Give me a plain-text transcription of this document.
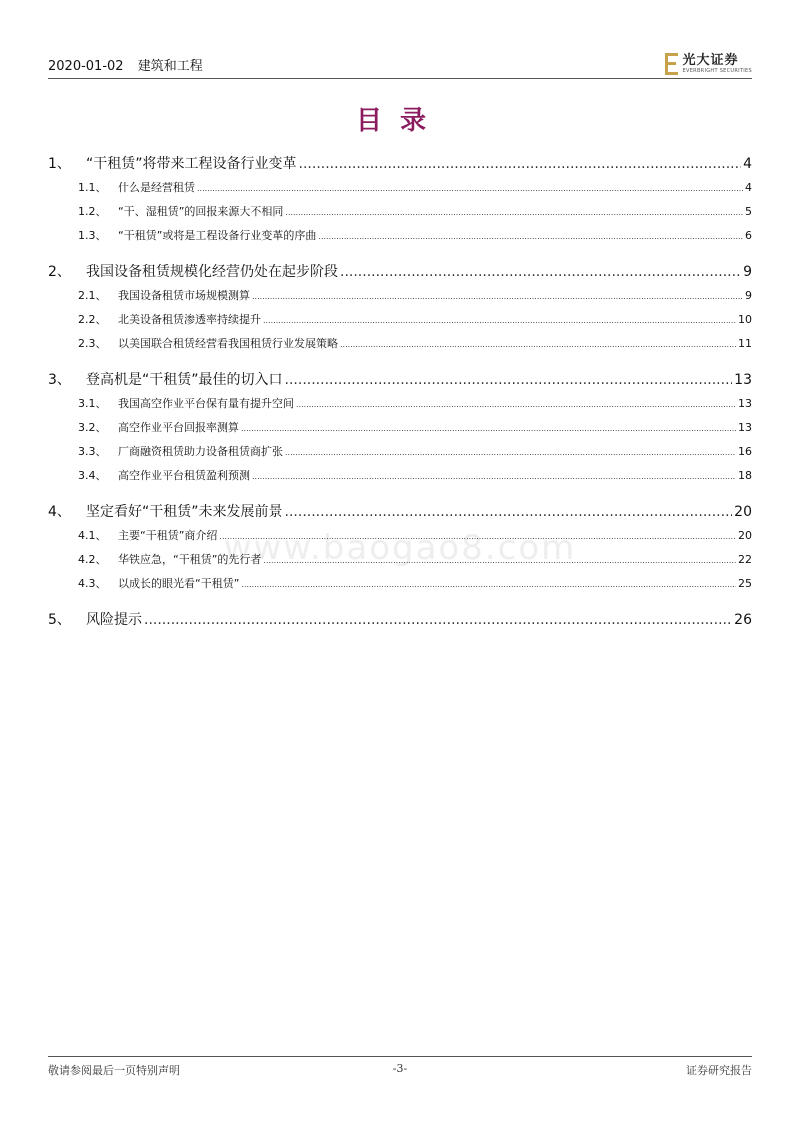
2020-01-02 建筑和工程	光大证券
EVERBRIGHT SECURITIES
目录
www.baogao8.com
1、	“干租赁”将带来工程设备行业变革 .....	4
1.1、	什么是经营租赁 .....	4
1.2、	“干、湿租赁”的回报来源大不相同 .....	5
1.3、	“干租赁”或将是工程设备行业变革的序曲 .....	6
2、	我国设备租赁规模化经营仍处在起步阶段 .....	9
2.1、	我国设备租赁市场规模测算 .....	9
2.2、	北美设备租赁渗透率持续提升 .....	10
2.3、	以美国联合租赁经营看我国租赁行业发展策略 .....	11
3、	登高机是“干租赁”最佳的切入口 .....	13
3.1、	我国高空作业平台保有量有提升空间 .....	13
3.2、	高空作业平台回报率测算 .....	13
3.3、	厂商融资租赁助力设备租赁商扩张 .....	16
3.4、	高空作业平台租赁盈利预测 .....	18
4、	坚定看好“干租赁”未来发展前景 .....	20
4.1、	主要“干租赁”商介绍 .....	20
4.2、	华铁应急，“干租赁”的先行者 .....	22
4.3、	以成长的眼光看“干租赁” .....	25
5、	风险提示 .....	26
敬请参阅最后一页特别声明	-3-	证券研究报告
